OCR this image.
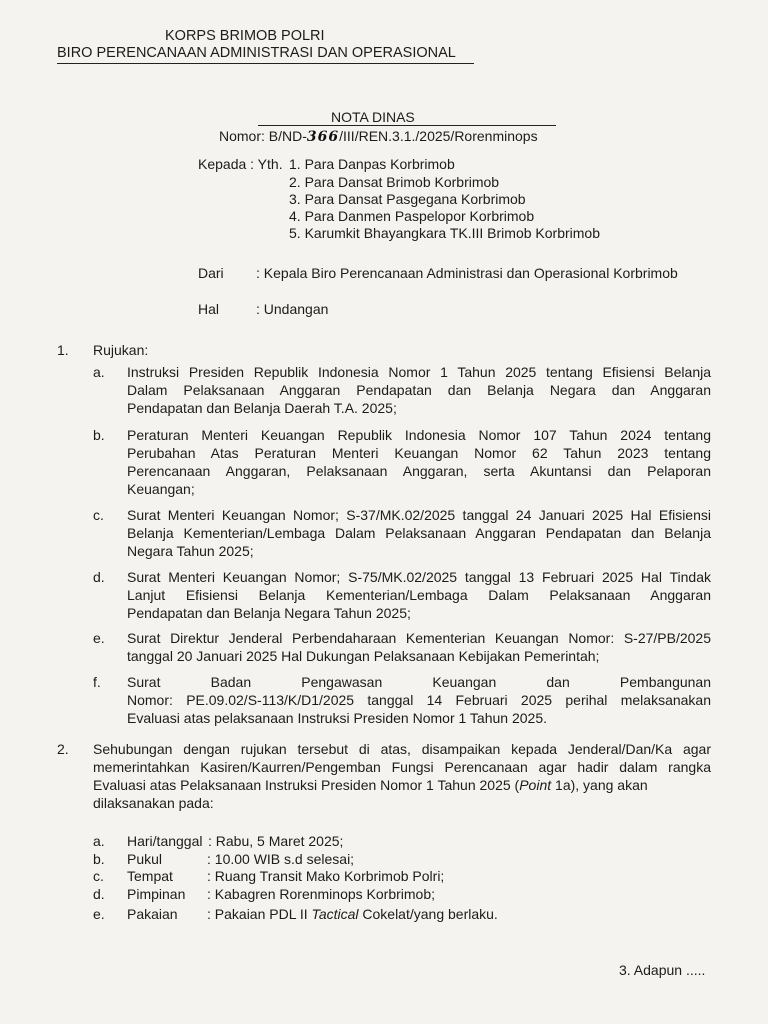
KORPS BRIMOB POLRI
BIRO PERENCANAAN ADMINISTRASI DAN OPERASIONAL
NOTA DINAS
Nomor: B/ND-366/III/REN.3.1./2025/Rorenminops
Kepada : Yth. 1. Para Danpas Korbrimob
2. Para Dansat Brimob Korbrimob
3. Para Dansat Pasgegana Korbrimob
4. Para Danmen Paspelopor Korbrimob
5. Karumkit Bhayangkara TK.III Brimob Korbrimob
Dari : Kepala Biro Perencanaan Administrasi dan Operasional Korbrimob
Hal	: Undangan
1. Rujukan:
a. Instruksi Presiden Republik Indonesia Nomor 1 Tahun 2025 tentang Efisiensi Belanja
Dalam Pelaksanaan Anggaran Pendapatan dan Belanja Negara dan Anggaran
Pendapatan dan Belanja Daerah T.A. 2025;
b. Peraturan Menteri Keuangan Republik Indonesia Nomor 107 Tahun 2024 tentang
Perubahan Atas Peraturan Menteri Keuangan Nomor 62 Tahun 2023 tentang
Perencanaan Anggaran, Pelaksanaan Anggaran, serta Akuntansi dan Pelaporan
Keuangan;
c. Surat Menteri Keuangan Nomor; S-37/MK.02/2025 tanggal 24 Januari 2025 Hal Efisiensi
Belanja Kementerian/Lembaga Dalam Pelaksanaan Anggaran Pendapatan dan Belanja
Negara Tahun 2025;
d. Surat Menteri Keuangan Nomor; S-75/MK.02/2025 tanggal 13 Februari 2025 Hal Tindak
Lanjut Efisiensi Belanja Kementerian/Lembaga Dalam Pelaksanaan Anggaran
Pendapatan dan Belanja Negara Tahun 2025;
e. Surat Direktur Jenderal Perbendaharaan Kementerian Keuangan Nomor: S-27/PB/2025
tanggal 20 Januari 2025 Hal Dukungan Pelaksanaan Kebijakan Pemerintah;
f. Surat Badan Pengawasan Keuangan dan Pembangunan
Nomor: PE.09.02/S-113/K/D1/2025 tanggal 14 Februari 2025 perihal melaksanakan
Evaluasi atas pelaksanaan Instruksi Presiden Nomor 1 Tahun 2025.
2. Sehubungan dengan rujukan tersebut di atas, disampaikan kepada Jenderal/Dan/Ka agar
memerintahkan Kasiren/Kaurren/Pengemban Fungsi Perencanaan agar hadir dalam rangka
Evaluasi atas Pelaksanaan Instruksi Presiden Nomor 1 Tahun 2025 (Point 1a), yang akan
dilaksanakan pada:
a. Hari/tanggal : Rabu, 5 Maret 2025;
b. Pukul	: 10.00 WIB s.d selesai;
c. Tempat : Ruang Transit Mako Korbrimob Polri;
d. Pimpinan : Kabagren Rorenminops Korbrimob;
e. Pakaian : Pakaian PDL II Tactical Cokelat/yang berlaku.
3. Adapun .....
